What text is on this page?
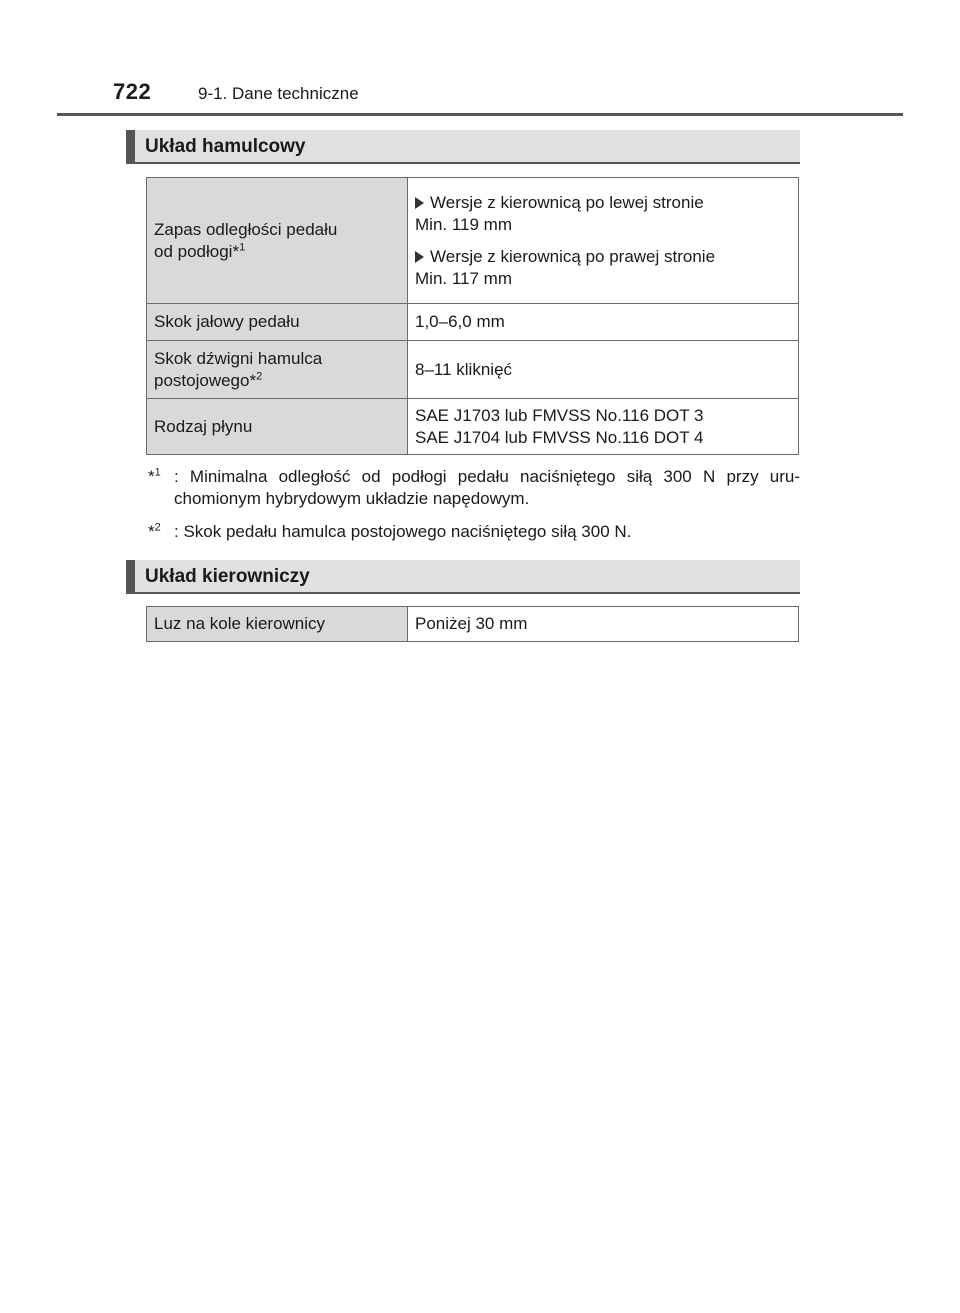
722	9-1. Dane techniczne
Układ hamulcowy
Zapas odległości pedału
od podłogi*$^1$	Wersje z kierownicą po lewej stronie
Min. 119 mm
Wersje z kierownicą po prawej stronie
Min. 117 mm

Skok jałowy pedału	1,0–6,0 mm
Skok dźwigni hamulca
postojowego*$^2$	8–11 kliknięć
Rodzaj płynu	SAE J1703 lub FMVSS No.116 DOT 3
SAE J1704 lub FMVSS No.116 DOT 4
*$^1$ : Minimalna odległość od podłogi pedału naciśniętego siłą 300 N przy uru-chomionym hybrydowym układzie napędowym.
*$^2$ : Skok pedału hamulca postojowego naciśniętego siłą 300 N.
Układ kierowniczy
Luz na kole kierownicy	Poniżej 30 mm
